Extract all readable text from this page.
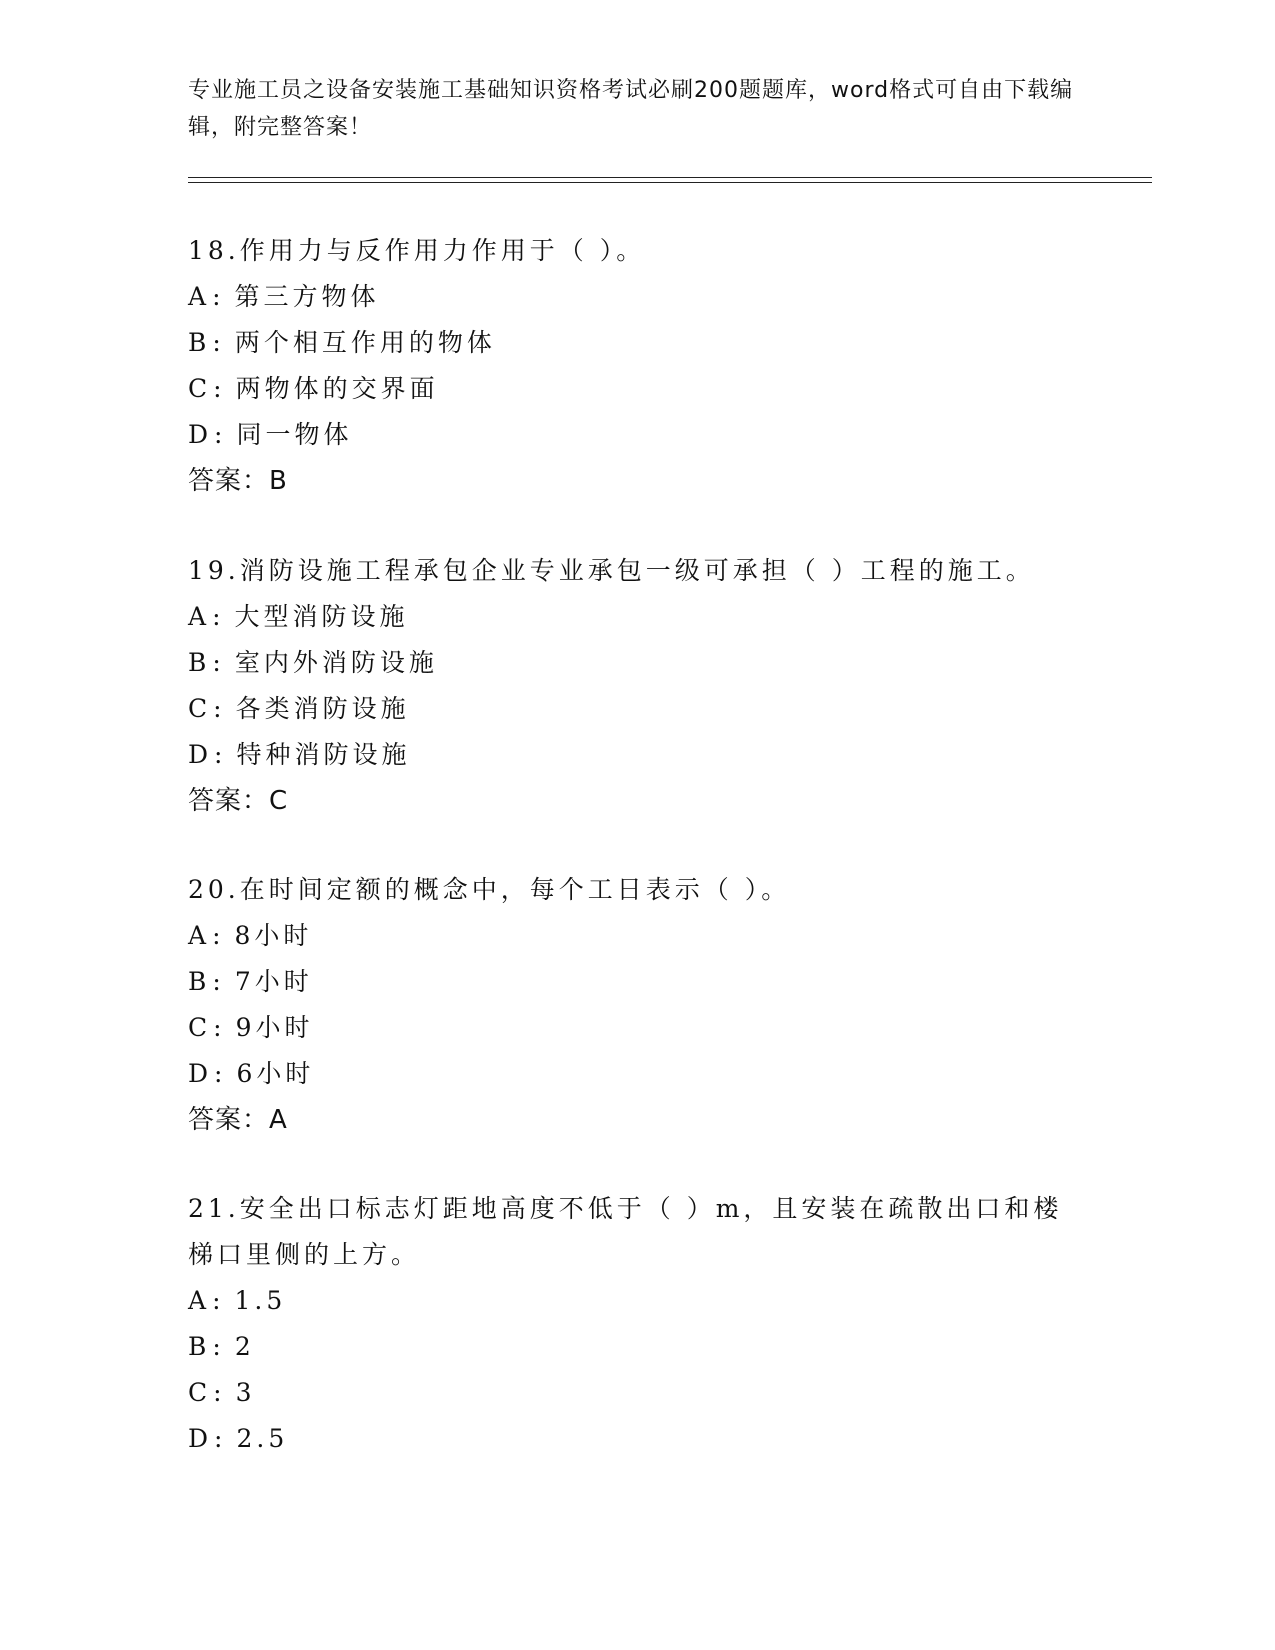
专业施工员之设备安装施工基础知识资格考试必刷200题题库，word格式可自由下载编辑，附完整答案！
18.作用力与反作用力作用于（ ）。
A: 第三方物体
B: 两个相互作用的物体
C: 两物体的交界面
D: 同一物体
答案：B
19.消防设施工程承包企业专业承包一级可承担（ ）工程的施工。
A: 大型消防设施
B: 室内外消防设施
C: 各类消防设施
D: 特种消防设施
答案：C
20.在时间定额的概念中，每个工日表示（ ）。
A: 8小时
B: 7小时
C: 9小时
D: 6小时
答案：A
21.安全出口标志灯距地高度不低于（ ）m，且安装在疏散出口和楼梯口里侧的上方。
A: 1.5
B: 2
C: 3
D: 2.5
